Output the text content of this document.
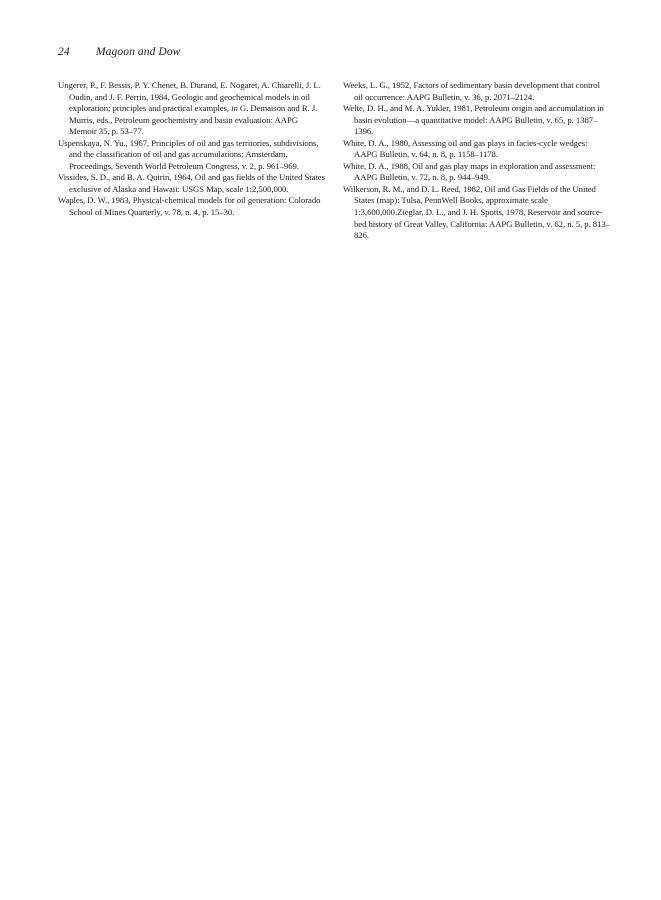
24 Magoon and Dow

Ungerer, P., F. Bessis, P. Y. Chenet, B. Durand, E. Nogaret, A. Chiarelli, J. L. Oudin, and J. F. Perrin, 1984, Geologic and geochemical models in oil exploration; principles and practical examples, in G. Demaison and R. J. Murris, eds., Petroleum geochemistry and basin evaluation: AAPG Memoir 35, p. 53–77.

Uspenskaya, N. Yu., 1967, Principles of oil and gas territories, subdivisions, and the classification of oil and gas accumulations: Amsterdam, Proceedings, Seventh World Petroleum Congress, v. 2, p. 961–969.

Vissides, S. D., and B. A. Quirin, 1964, Oil and gas fields of the United States exclusive of Alaska and Hawaii: USGS Map, scale 1:2,500,000.

Waples, D. W., 1983, Physical-chemical models for oil generation: Colorado School of Mines Quarterly, v. 78, n. 4, p. 15–30.

Weeks, L. G., 1952, Factors of sedimentary basin development that control oil occurrence: AAPG Bulletin, v. 36, p. 2071–2124.

Welte, D. H., and M. A. Yukler, 1981, Petroleum origin and accumulation in basin evolution—a quantitative model: AAPG Bulletin, v. 65, p. 1387–1396.

White, D. A., 1980, Assessing oil and gas plays in facies-cycle wedges: AAPG Bulletin, v. 64, n. 8, p. 1158–1178.

White, D. A., 1988, Oil and gas play maps in exploration and assessment: AAPG Bulletin, v. 72, n. 8, p. 944–949.

Wilkerson, R. M., and D. L. Reed, 1982, Oil and Gas Fields of the United States (map): Tulsa, PennWell Books, approximate scale 1:3,600,000.Zieglar, D. L., and J. H. Spotts, 1978, Reservoir and source-bed history of Great Valley, California: AAPG Bulletin, v. 62, n. 5, p. 813–826.
